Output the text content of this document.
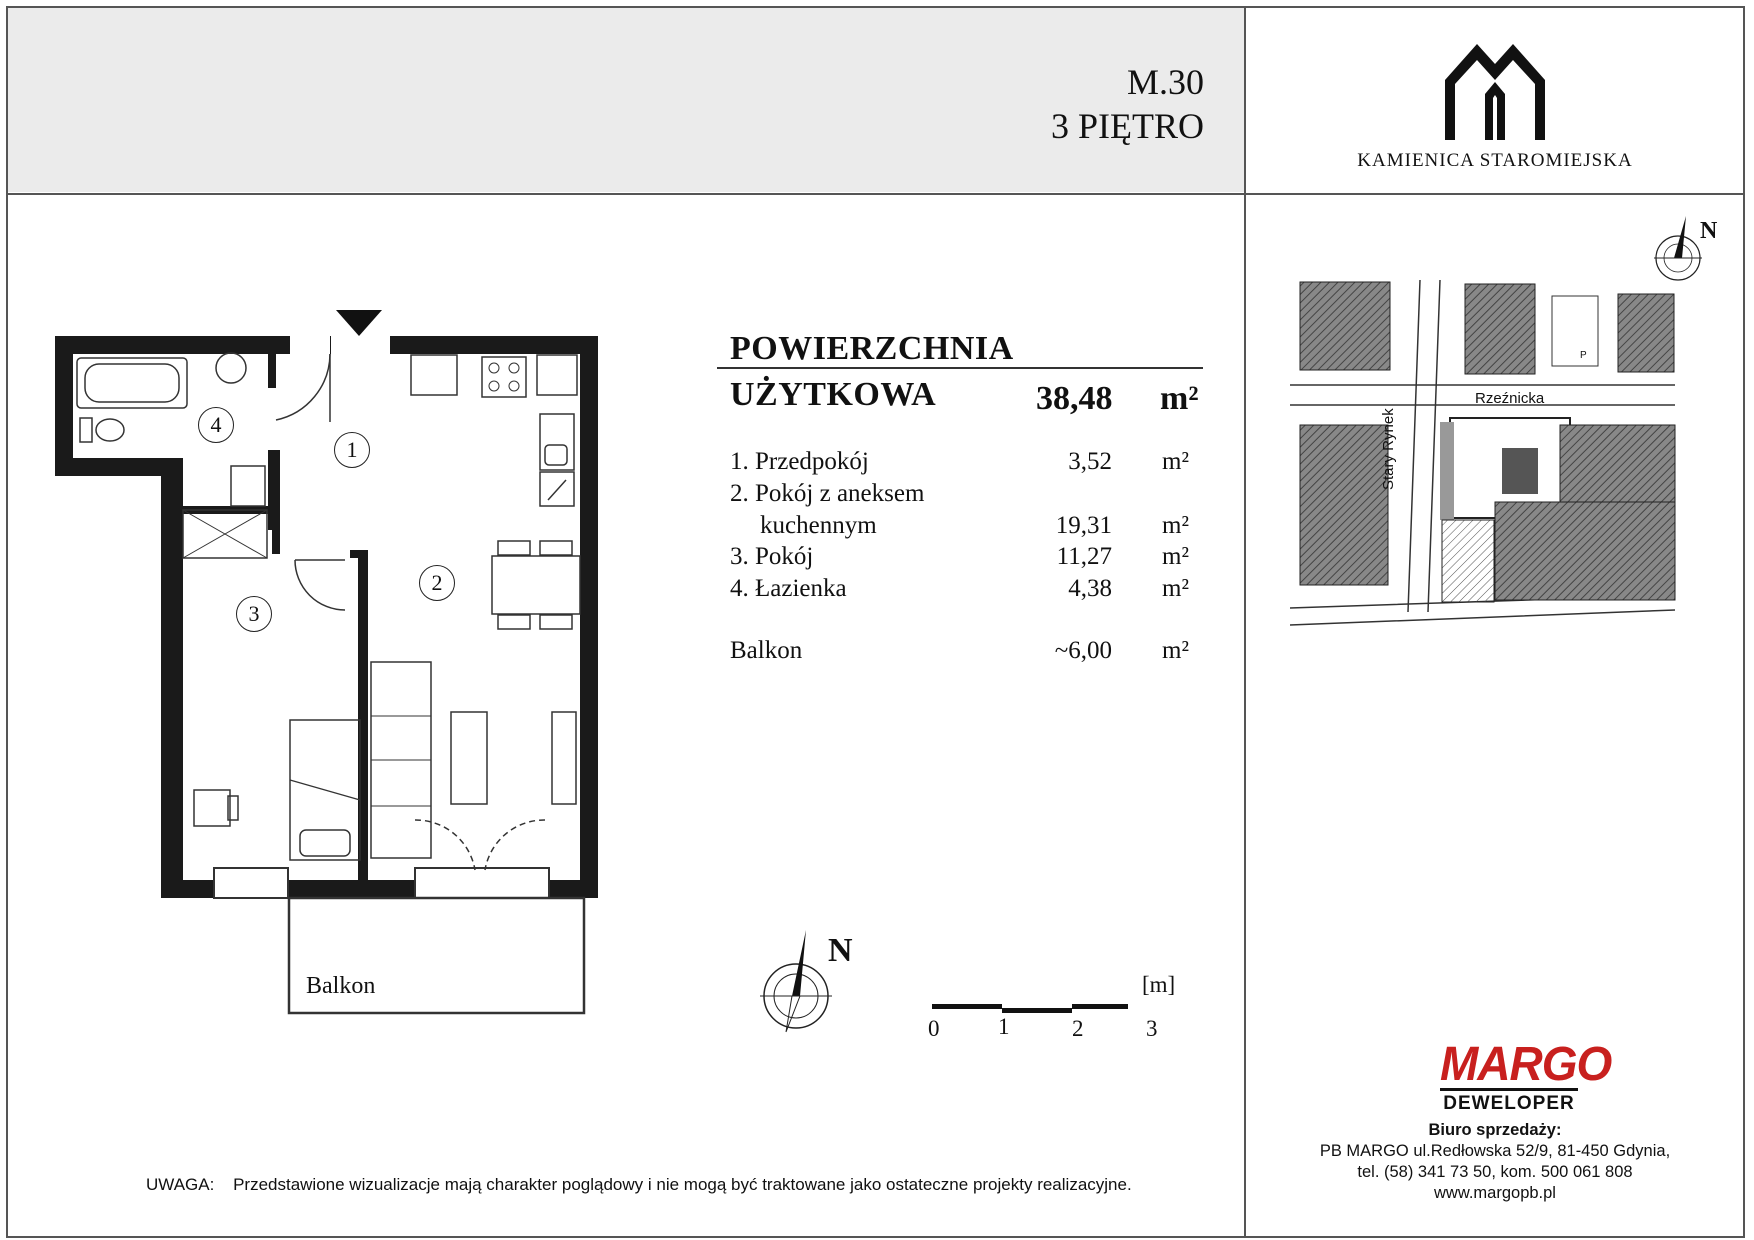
M.30
3 PIĘTRO
KAMIENICA STAROMIEJSKA
POWIERZCHNIA
UŻYTKOWA	38,48 m²
1. Przedpokój	3,52 m²
2. Pokój z aneksem
kuchennym	19,31 m²
3. Pokój	11,27 m²
4. Łazienka	4,38 m²
Balkon	~6,00 m²
1
2
3
4
Balkon
N
[m]
0	1	2	3
Rzeźnicka
Stary Rynek
P
N
UWAGA: Przedstawione wizualizacje mają charakter poglądowy i nie mogą być traktowane jako ostateczne projekty realizacyjne.
MARGO
DEWELOPER
Biuro sprzedaży:
PB MARGO ul.Redłowska 52/9, 81-450 Gdynia,
tel. (58) 341 73 50, kom. 500 061 808
www.margopb.pl
